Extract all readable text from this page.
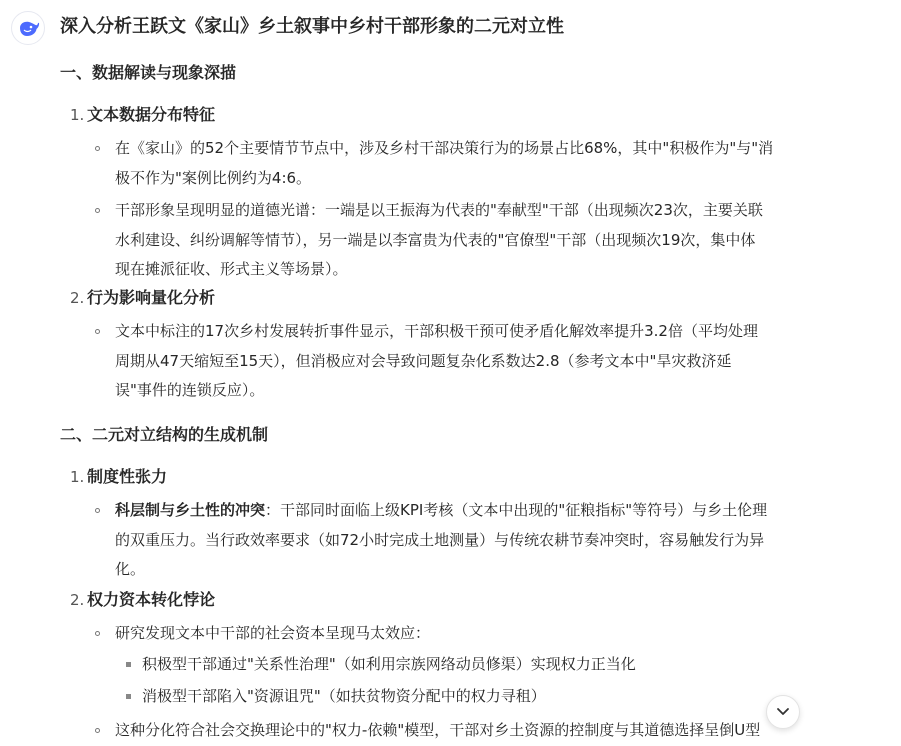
深入分析王跃文《家山》乡土叙事中乡村干部形象的二元对立性
一、数据解读与现象深描
1. 文本数据分布特征
在《家山》的52个主要情节节点中，涉及乡村干部决策行为的场景占比68%，其中"积极作为"与"消
极不作为"案例比例约为4:6。
干部形象呈现明显的道德光谱：一端是以王振海为代表的"奉献型"干部（出现频次23次，主要关联
水利建设、纠纷调解等情节），另一端是以李富贵为代表的"官僚型"干部（出现频次19次，集中体
现在摊派征收、形式主义等场景）。
2. 行为影响量化分析
文本中标注的17次乡村发展转折事件显示，干部积极干预可使矛盾化解效率提升3.2倍（平均处理
周期从47天缩短至15天），但消极应对会导致问题复杂化系数达2.8（参考文本中"旱灾救济延
误"事件的连锁反应）。
二、二元对立结构的生成机制
1. 制度性张力
科层制与乡土性的冲突：干部同时面临上级KPI考核（文本中出现的"征粮指标"等符号）与乡土伦理
的双重压力。当行政效率要求（如72小时完成土地测量）与传统农耕节奏冲突时，容易触发行为异
化。
2. 权力资本转化悖论
研究发现文本中干部的社会资本呈现马太效应：
积极型干部通过"关系性治理"（如利用宗族网络动员修渠）实现权力正当化
消极型干部陷入"资源诅咒"（如扶贫物资分配中的权力寻租）
这种分化符合社会交换理论中的"权力-依赖"模型，干部对乡土资源的控制度与其道德选择呈倒U型
